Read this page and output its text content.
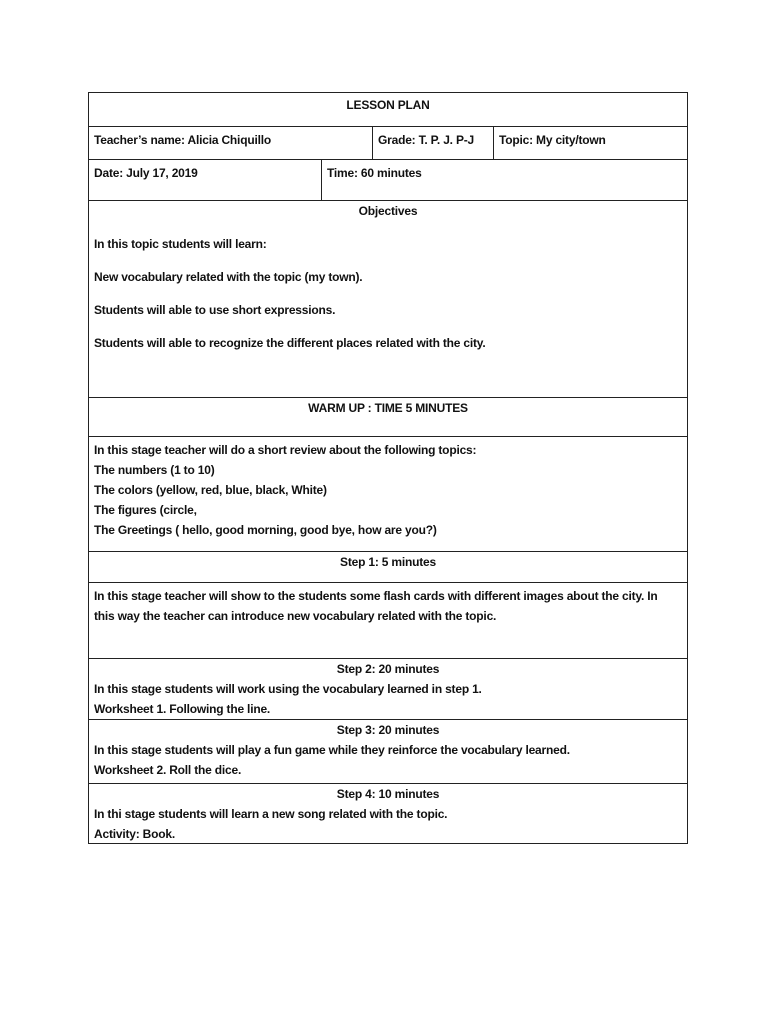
LESSON PLAN
Teacher’s name: Alicia Chiquillo	Grade: T. P. J. P-J	Topic: My city/town
Date: July 17, 2019	Time: 60 minutes
Objectives
In this topic students will learn:
New vocabulary related with the topic (my town).
Students will able to use short expressions.
Students will able to recognize the different places related with the city.
WARM UP : TIME 5 MINUTES
In this stage teacher will do a short review about the following topics:
The numbers (1 to 10)
The colors (yellow, red, blue, black, White)
The figures (circle,
The Greetings ( hello, good morning, good bye, how are you?)
Step 1: 5 minutes
In this stage teacher will show to the students some flash cards with different images about the city. In
this way the teacher can introduce new vocabulary related with the topic.
Step 2: 20 minutes
In this stage students will work using the vocabulary learned in step 1.
Worksheet 1. Following the line.
Step 3: 20 minutes
In this stage students will play a fun game while they reinforce the vocabulary learned.
Worksheet 2. Roll the dice.
Step 4: 10 minutes
In thi stage students will learn a new song related with the topic.
Activity: Book.
